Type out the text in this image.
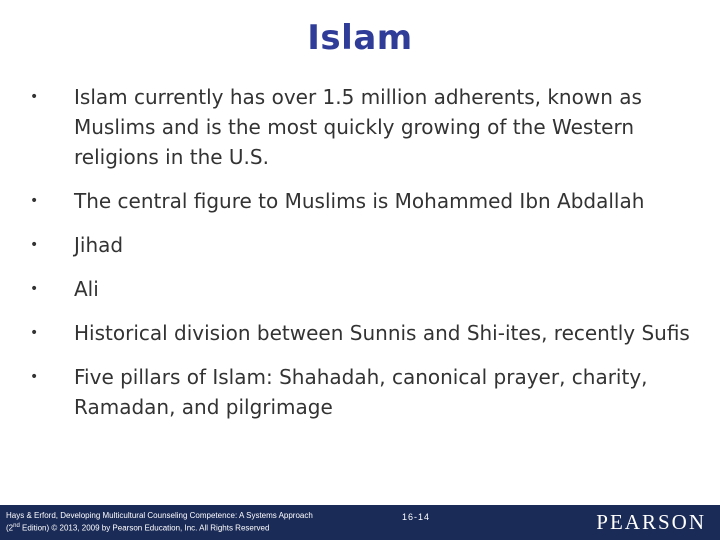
Islam
• Islam currently has over 1.5 million adherents, known as Muslims and is the most quickly growing of the Western religions in the U.S.
• The central figure to Muslims is Mohammed Ibn Abdallah
• Jihad
• Ali
• Historical division between Sunnis and Shi-ites, recently Sufis
• Five pillars of Islam: Shahadah, canonical prayer, charity, Ramadan, and pilgrimage
Hays & Erford, Developing Multicultural Counseling Competence: A Systems Approach
(2nd Edition) © 2013, 2009 by Pearson Education, Inc. All Rights Reserved
16-14	PEARSON
